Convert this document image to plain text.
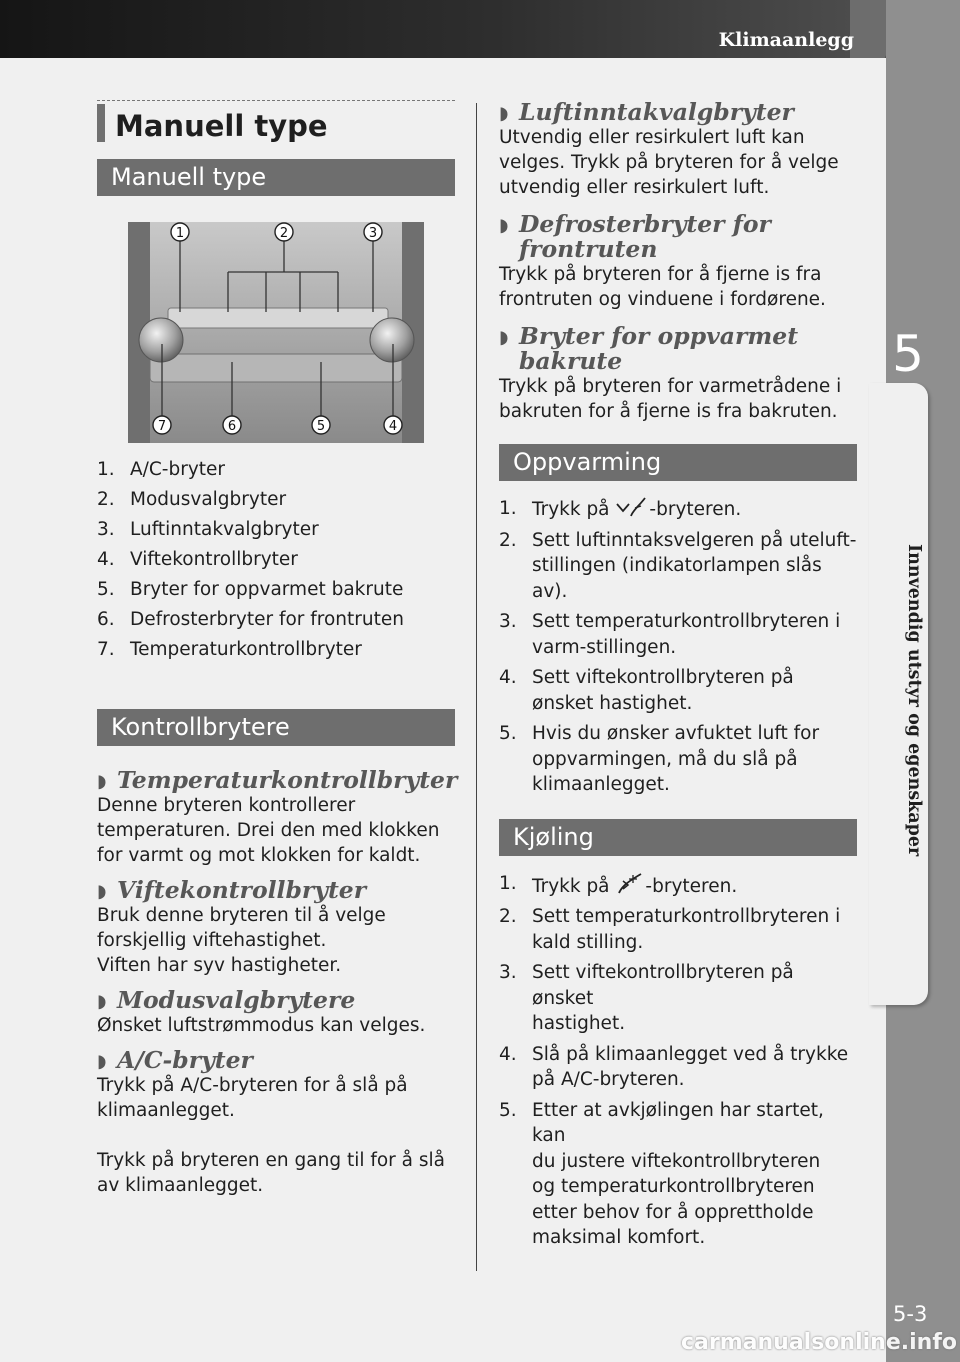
Klimaanlegg
5
Innvendig utstyr og egenskaper
5-3
carmanualsonline.info
Manuell type
Manuell type
1	2	3
4
5
6
7
1. A/C-bryter
2. Modusvalgbryter
3. Luftinntakvalgbryter
4. Viftekontrollbryter
5. Bryter for oppvarmet bakrute
6. Defrosterbryter for frontruten
7. Temperaturkontrollbryter
Kontrollbrytere
◗ Temperaturkontrollbryter
Denne bryteren kontrollerer
temperaturen. Drei den med klokken
for varmt og mot klokken for kaldt.
◗ Viftekontrollbryter
Bruk denne bryteren til å velge
forskjellig viftehastighet.
Viften har syv hastigheter.
◗ Modusvalgbrytere
Ønsket luftstrømmodus kan velges.
◗ A/C-bryter
Trykk på A/C-bryteren for å slå på
klimaanlegget.
Trykk på bryteren en gang til for å slå
av klimaanlegget.
◗ Luftinntakvalgbryter
Utvendig eller resirkulert luft kan
velges. Trykk på bryteren for å velge
utvendig eller resirkulert luft.
◗ Defrosterbryter for
frontruten
Trykk på bryteren for å fjerne is fra
frontruten og vinduene i fordørene.
◗ Bryter for oppvarmet
bakrute
Trykk på bryteren for varmetrådene i
bakruten for å fjerne is fra bakruten.
Oppvarming
1. Trykk på -bryteren.
2. Sett luftinntaksvelgeren på uteluft-
stillingen (indikatorlampen slås av).
3. Sett temperaturkontrollbryteren i
varm-stillingen.
4. Sett viftekontrollbryteren på
ønsket hastighet.
5. Hvis du ønsker avfuktet luft for
oppvarmingen, må du slå på
klimaanlegget.
Kjøling
1. Trykk på -bryteren.
2. Sett temperaturkontrollbryteren i
kald stilling.
3. Sett viftekontrollbryteren på ønsket
hastighet.
4. Slå på klimaanlegget ved å trykke
på A/C-bryteren.
5. Etter at avkjølingen har startet, kan
du justere viftekontrollbryteren
og temperaturkontrollbryteren
etter behov for å opprettholde
maksimal komfort.
